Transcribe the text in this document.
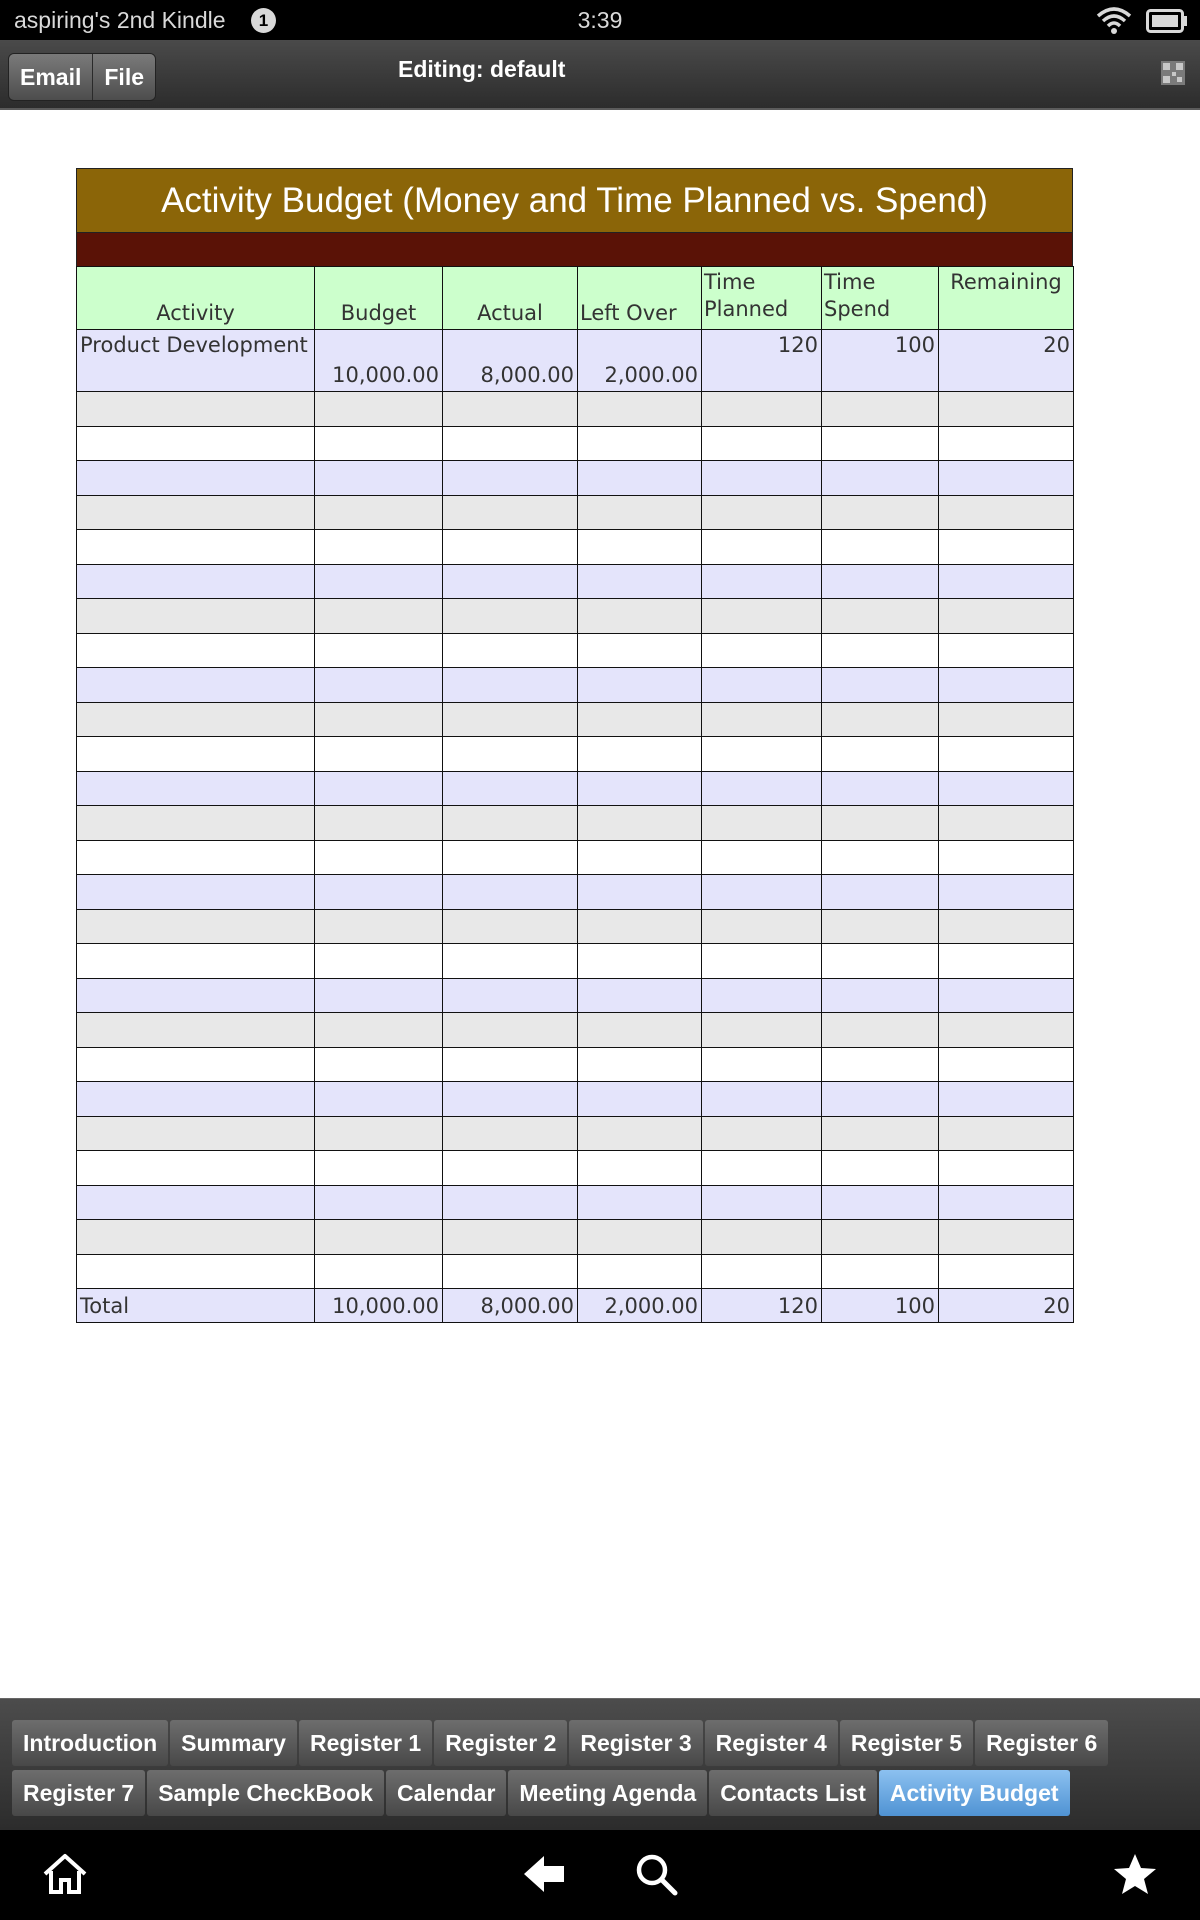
aspiring's 2nd Kindle	1	3:39
Email	File	Editing: default
Activity Budget (Money and Time Planned vs. Spend)
Activity	Budget	Actual	Left Over	Time Planned	Time Spend	Remaining
Product Development	10,000.00	8,000.00	2,000.00	120	100	20

Total	10,000.00	8,000.00	2,000.00	120	100	20
Introduction	Summary	Register 1	Register 2	Register 3	Register 4	Register 5	Register 6
Register 7	Sample CheckBook	Calendar	Meeting Agenda	Contacts List	Activity Budget
